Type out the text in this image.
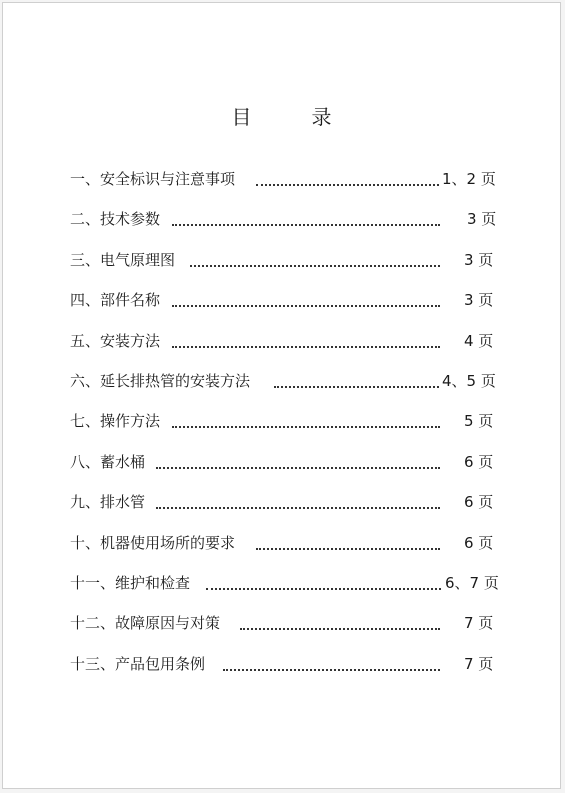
目	录
一、安全标识与注意事项	1、2 页
二、技术参数	3 页
三、电气原理图	3 页
四、部件名称	3 页
五、安装方法	4 页
六、延长排热管的安装方法	4、5 页
七、操作方法	5 页
八、蓄水桶	6 页
九、排水管	6 页
十、机器使用场所的要求	6 页
十一、维护和检查	6、7 页
十二、故障原因与对策	7 页
十三、产品包用条例	7 页
